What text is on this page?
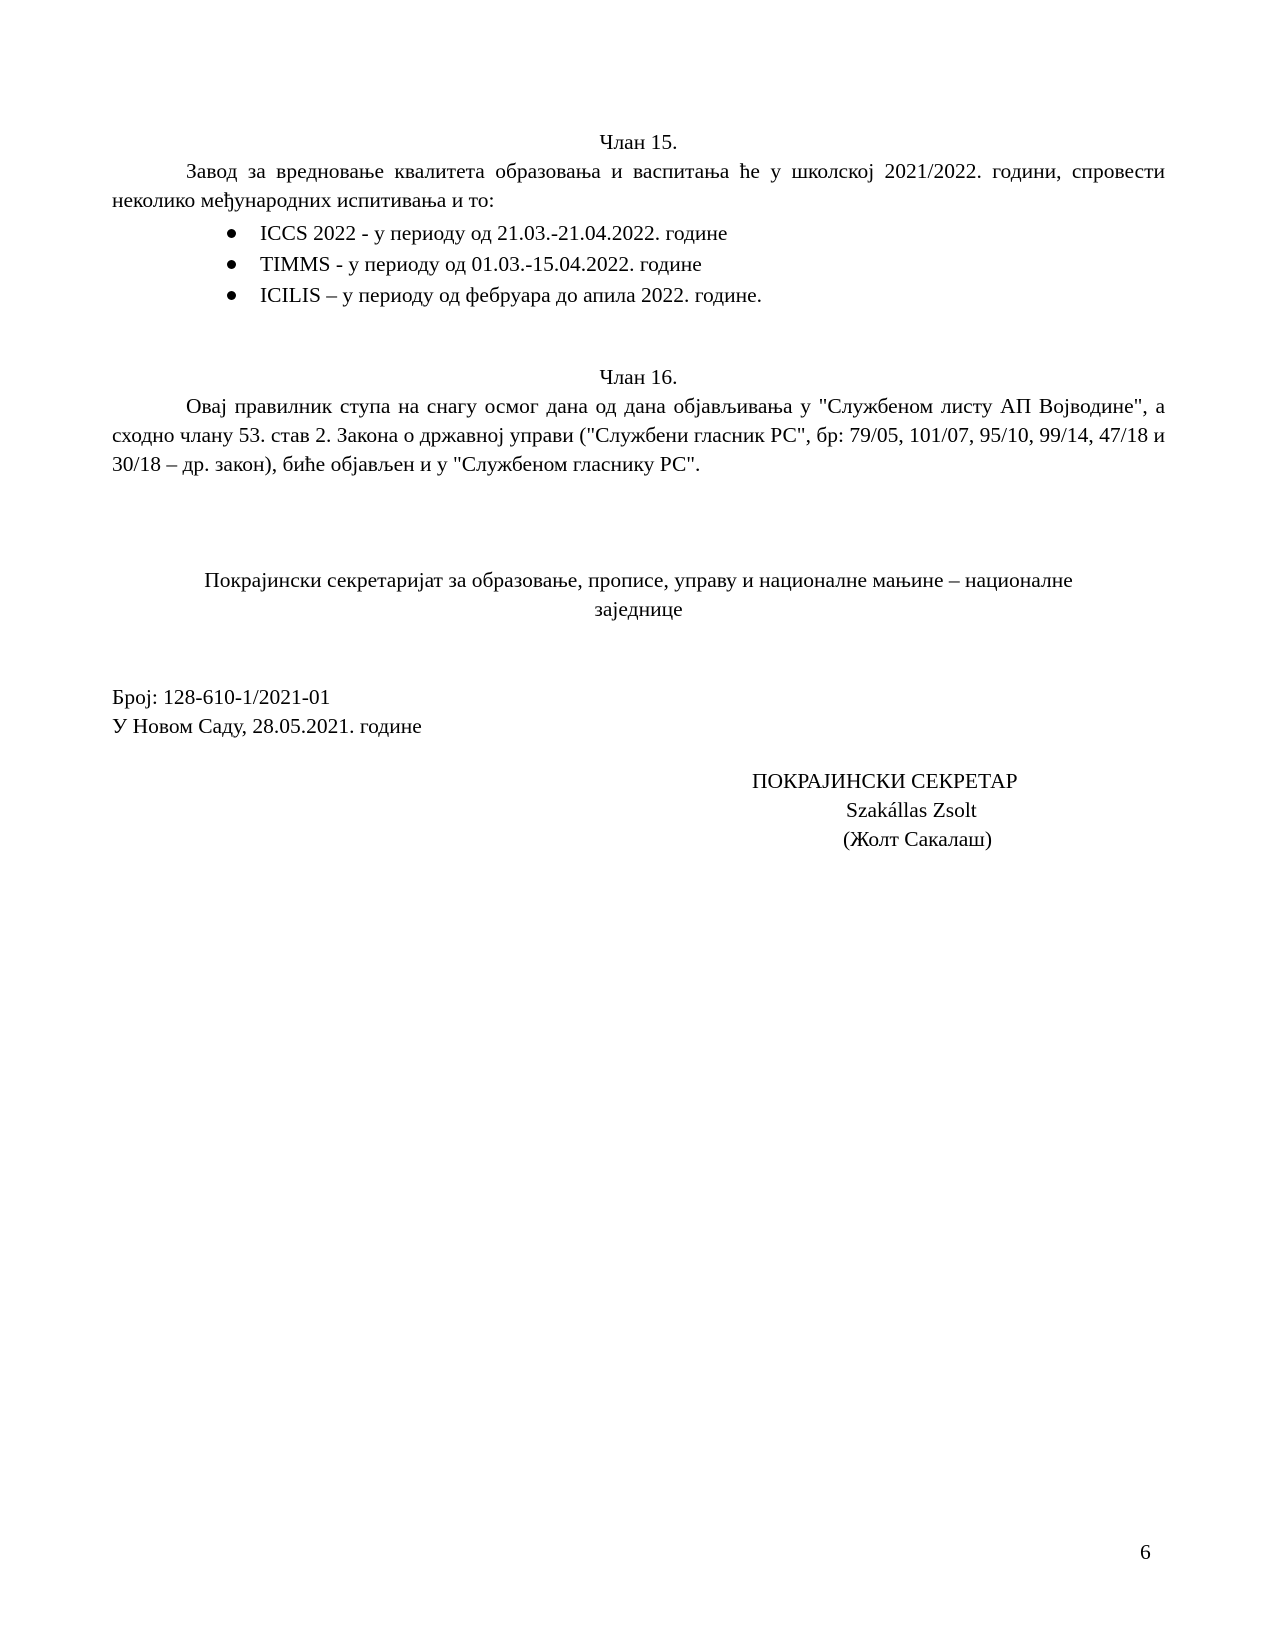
Члан 15.

Завод за вредновање квалитета образовања и васпитања ће у школској 2021/2022. години, спровести неколико међународних испитивања и то:

ICCS 2022 - у периоду од 21.03.-21.04.2022. године
TIMMS - у периоду од 01.03.-15.04.2022. године
ICILIS – у периоду од фебруара до апила 2022. године.

Члан 16.

Овај правилник ступа на снагу осмог дана од дана објављивања у "Службеном листу АП Војводине", а сходно члану 53. став 2. Закона о државној управи ("Службени гласник РС", бр: 79/05, 101/07, 95/10, 99/14, 47/18 и 30/18 – др. закон), биће објављен и у "Службеном гласнику РС".

Покрајински секретаријат за образовање, прописе, управу и националне мањине – националне
заједнице

Број: 128-610-1/2021-01
У Новом Саду, 28.05.2021. године

ПОКРАЈИНСКИ СЕКРЕТАР
Szakállas Zsolt
(Жолт Сакалаш)

6
